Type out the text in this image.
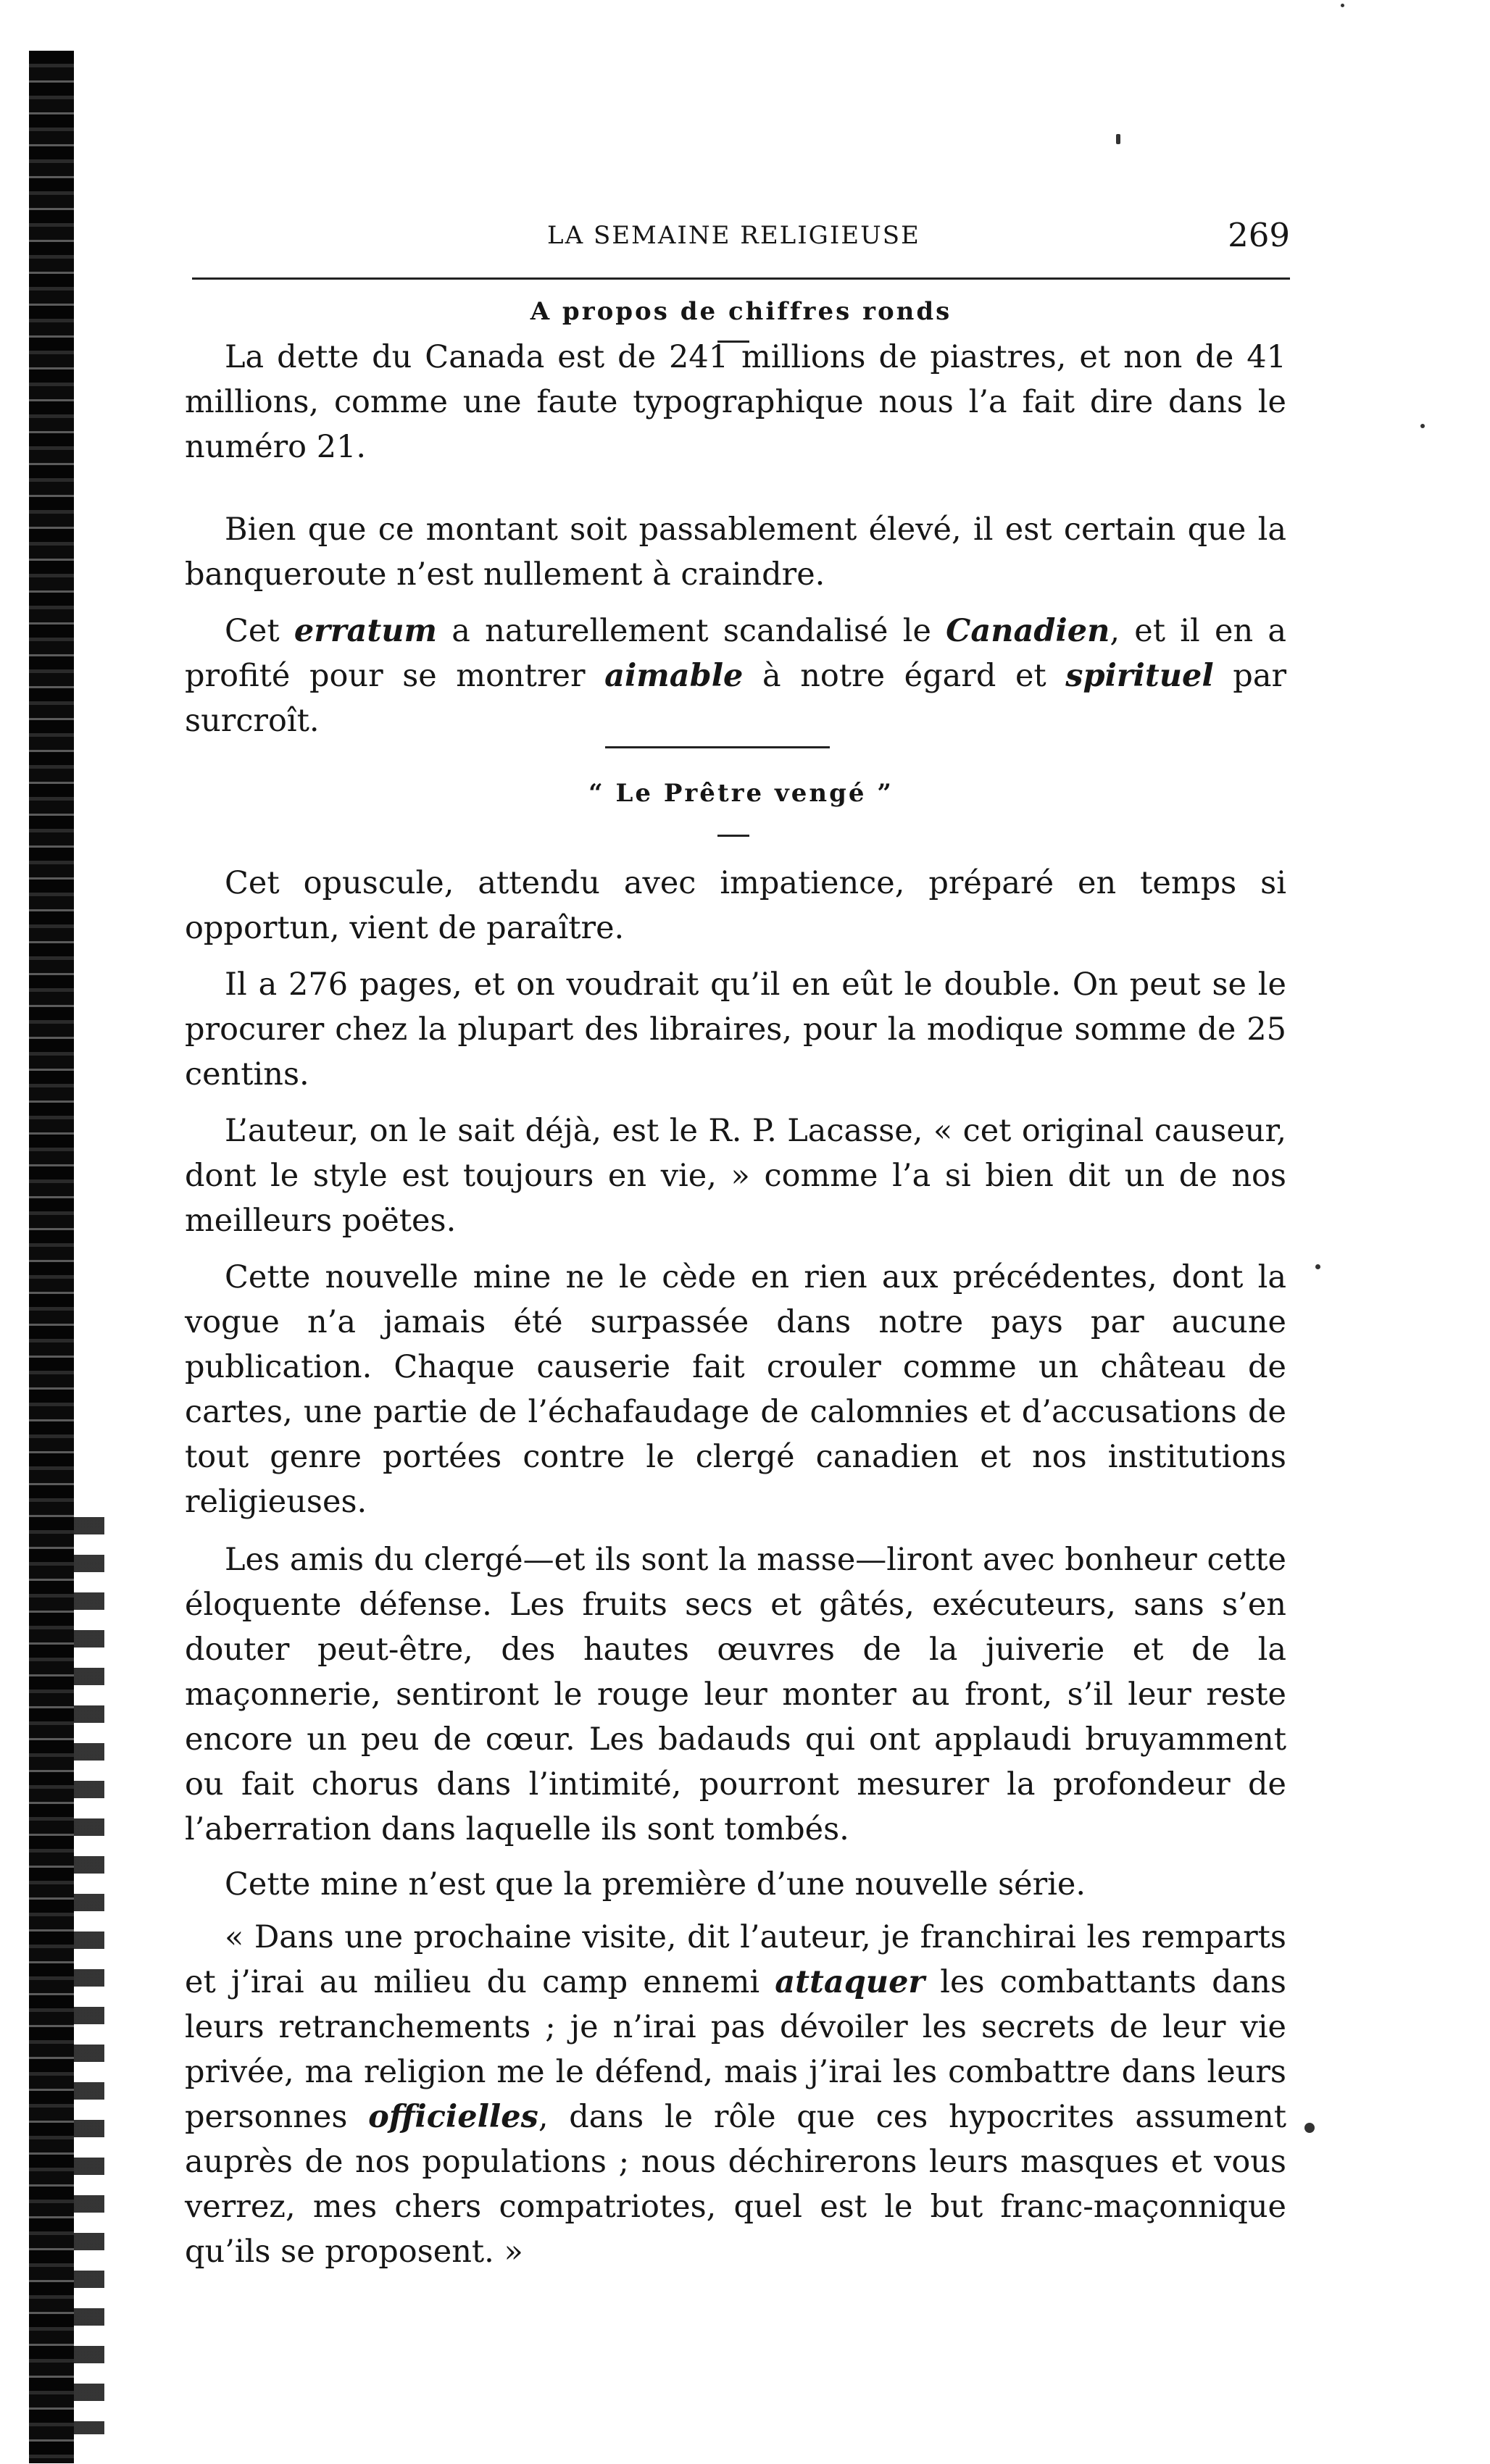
LA SEMAINE RELIGIEUSE	269
A propos de chiffres ronds

La dette du Canada est de 241 millions de piastres, et non de 41 millions, comme une faute typographique nous l’a fait dire dans le numéro 21.

Bien que ce montant soit passablement élevé, il est certain que la banqueroute n’est nullement à craindre.

Cet erratum a naturellement scandalisé le Canadien, et il en a profité pour se montrer aimable à notre égard et spirituel par surcroît.

“ Le Prêtre vengé ”

Cet opuscule, attendu avec impatience, préparé en temps si opportun, vient de paraître.

Il a 276 pages, et on voudrait qu’il en eût le double. On peut se le procurer chez la plupart des libraires, pour la modique somme de 25 centins.

L’auteur, on le sait déjà, est le R. P. Lacasse, « cet original causeur, dont le style est toujours en vie, » comme l’a si bien dit un de nos meilleurs poëtes.

Cette nouvelle mine ne le cède en rien aux précédentes, dont la vogue n’a jamais été surpassée dans notre pays par aucune publication. Chaque causerie fait crouler comme un château de cartes, une partie de l’échafaudage de calomnies et d’accusations de tout genre portées contre le clergé canadien et nos institutions religieuses.

Les amis du clergé—et ils sont la masse—liront avec bonheur cette éloquente défense. Les fruits secs et gâtés, exécuteurs, sans s’en douter peut-être, des hautes œuvres de la juiverie et de la maçonnerie, sentiront le rouge leur monter au front, s’il leur reste encore un peu de cœur. Les badauds qui ont applaudi bruyamment ou fait chorus dans l’intimité, pourront mesurer la profondeur de l’aberration dans laquelle ils sont tombés.

Cette mine n’est que la première d’une nouvelle série.

« Dans une prochaine visite, dit l’auteur, je franchirai les remparts et j’irai au milieu du camp ennemi attaquer les combattants dans leurs retranchements ; je n’irai pas dévoiler les secrets de leur vie privée, ma religion me le défend, mais j’irai les combattre dans leurs personnes officielles, dans le rôle que ces hypocrites assument auprès de nos populations ; nous déchirerons leurs masques et vous verrez, mes chers compatriotes, quel est le but franc-maçonnique qu’ils se proposent. »
